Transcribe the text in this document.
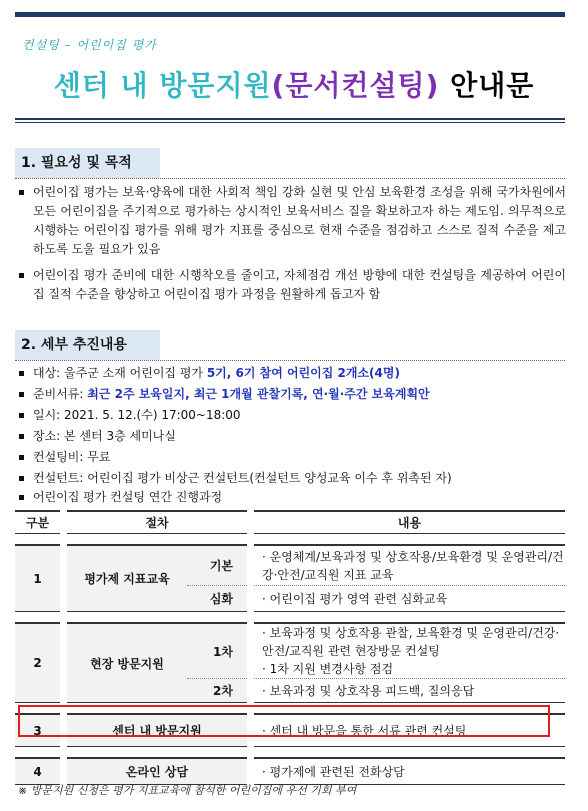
컨설팅 – 어린이집 평가
센터 내 방문지원(문서컨설팅) 안내문
1. 필요성 및 목적
어린이집 평가는 보육·양육에 대한 사회적 책임 강화 실현 및 안심 보육환경 조성을 위해 국가차원에서 모든 어린이집을 주기적으로 평가하는 상시적인 보육서비스 질을 확보하고자 하는 제도임. 의무적으로 시행하는 어린이집 평가를 위해 평가 지표를 중심으로 현재 수준을 점검하고 스스로 질적 수준을 제고하도록 도울 필요가 있음
어린이집 평가 준비에 대한 시행착오를 줄이고, 자체점검 개선 방향에 대한 컨설팅을 제공하여 어린이집 질적 수준을 향상하고 어린이집 평가 과정을 원활하게 돕고자 함
2. 세부 추진내용
대상: 울주군 소재 어린이집 평가 5기, 6기 참여 어린이집 2개소(4명)
준비서류: 최근 2주 보육일지, 최근 1개월 관찰기록, 연·월·주간 보육계획안
일시: 2021. 5. 12.(수) 17:00~18:00
장소: 본 센터 3층 세미나실
컨설팅비: 무료
컨설턴트: 어린이집 평가 비상근 컨설턴트(컨설턴트 양성교육 이수 후 위촉된 자)
어린이집 평가 컨설팅 연간 진행과정
구분		절차			내용

1		평가제 지표교육	기본		· 운영체계/보육과정 및 상호작용/보육환경 및 운영관리/건강·안전/교직원 지표 교육
			심화		· 어린이집 평가 영역 관련 심화교육

2		현장 방문지원	1차		· 보육과정 및 상호작용 관찰, 보육환경 및 운영관리/건강·안전/교직원 관련 현장방문 컨설팅
· 1차 지원 변경사항 점검

			2차		· 보육과정 및 상호작용 피드백, 질의응답

3		센터 내 방문지원			· 센터 내 방문을 통한 서류 관련 컨설팅

4		온라인 상담			· 평가제에 관련된 전화상담
※ 방문지원 신청은 평가 지표교육에 참석한 어린이집에 우선 기회 부여
